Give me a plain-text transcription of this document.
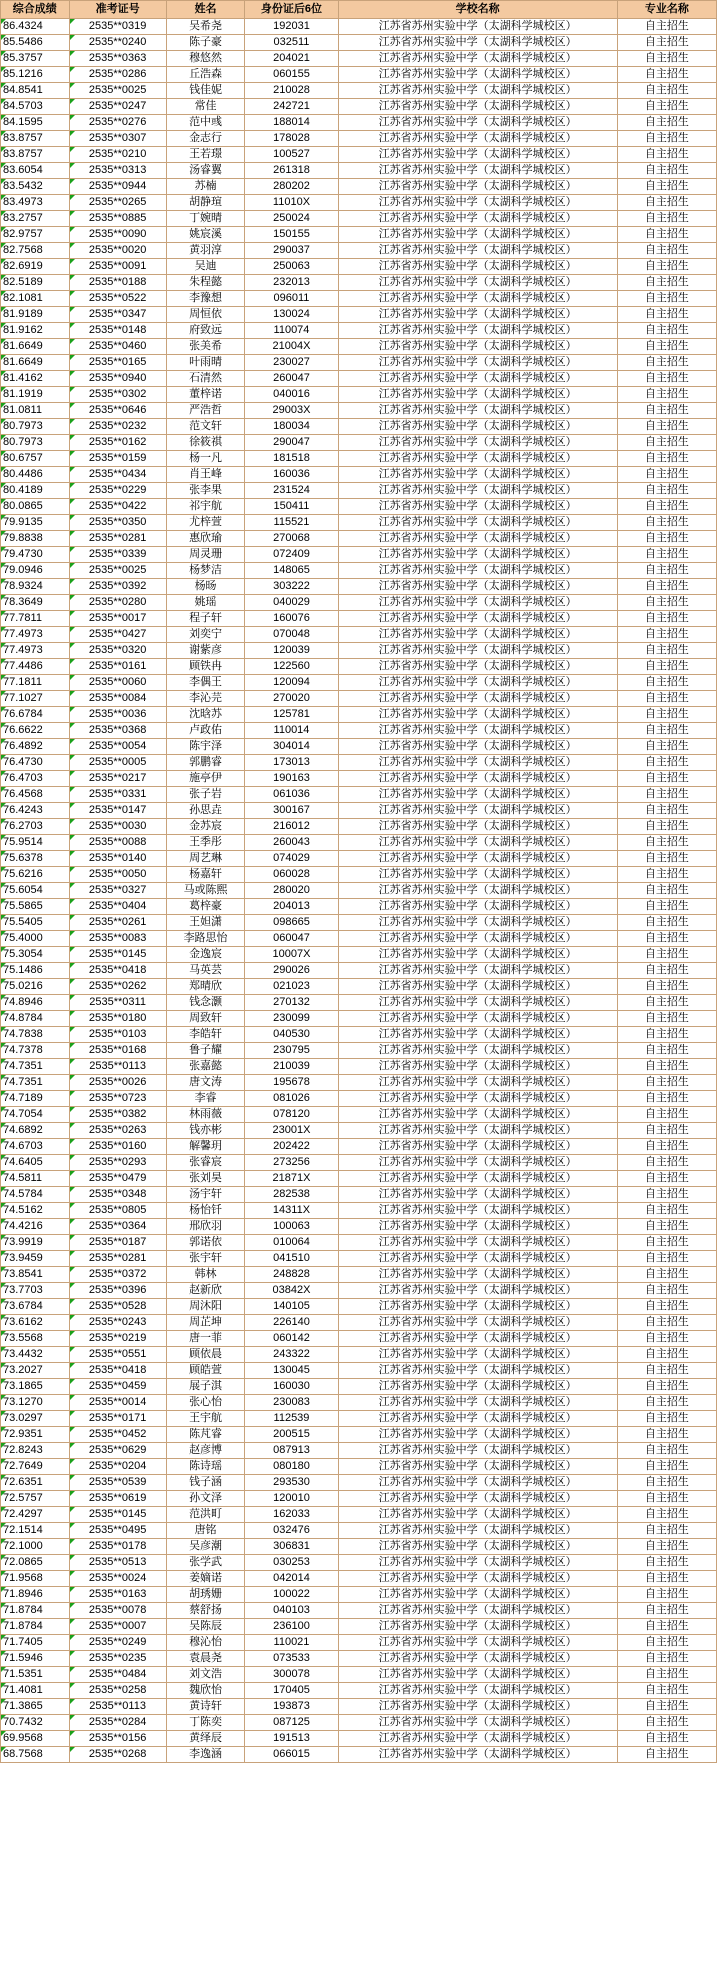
综合成绩	准考证号	姓名	身份证后6位	学校名称	专业名称
86.4324	2535**0319	吴希尧	192031	江苏省苏州实验中学（太湖科学城校区）	自主招生
85.5486	2535**0240	陈子豪	032511	江苏省苏州实验中学（太湖科学城校区）	自主招生
85.3757	2535**0363	穆悠然	204021	江苏省苏州实验中学（太湖科学城校区）	自主招生
85.1216	2535**0286	丘浩森	060155	江苏省苏州实验中学（太湖科学城校区）	自主招生
84.8541	2535**0025	钱佳妮	210028	江苏省苏州实验中学（太湖科学城校区）	自主招生
84.5703	2535**0247	常佳	242721	江苏省苏州实验中学（太湖科学城校区）	自主招生
84.1595	2535**0276	范中彧	188014	江苏省苏州实验中学（太湖科学城校区）	自主招生
83.8757	2535**0307	金志行	178028	江苏省苏州实验中学（太湖科学城校区）	自主招生
83.8757	2535**0210	王若璟	100527	江苏省苏州实验中学（太湖科学城校区）	自主招生
83.6054	2535**0313	汤睿翼	261318	江苏省苏州实验中学（太湖科学城校区）	自主招生
83.5432	2535**0944	苏楠	280202	江苏省苏州实验中学（太湖科学城校区）	自主招生
83.4973	2535**0265	胡静瑄	11010X	江苏省苏州实验中学（太湖科学城校区）	自主招生
83.2757	2535**0885	丁婉晴	250024	江苏省苏州实验中学（太湖科学城校区）	自主招生
82.9757	2535**0090	姚宸溪	150155	江苏省苏州实验中学（太湖科学城校区）	自主招生
82.7568	2535**0020	黄羽淳	290037	江苏省苏州实验中学（太湖科学城校区）	自主招生
82.6919	2535**0091	吴迪	250063	江苏省苏州实验中学（太湖科学城校区）	自主招生
82.5189	2535**0188	朱程懿	232013	江苏省苏州实验中学（太湖科学城校区）	自主招生
82.1081	2535**0522	李豫想	096011	江苏省苏州实验中学（太湖科学城校区）	自主招生
81.9189	2535**0347	周恒依	130024	江苏省苏州实验中学（太湖科学城校区）	自主招生
81.9162	2535**0148	府致远	110074	江苏省苏州实验中学（太湖科学城校区）	自主招生
81.6649	2535**0460	张美希	21004X	江苏省苏州实验中学（太湖科学城校区）	自主招生
81.6649	2535**0165	叶雨晴	230027	江苏省苏州实验中学（太湖科学城校区）	自主招生
81.4162	2535**0940	石清然	260047	江苏省苏州实验中学（太湖科学城校区）	自主招生
81.1919	2535**0302	董梓诺	040016	江苏省苏州实验中学（太湖科学城校区）	自主招生
81.0811	2535**0646	严浩哲	29003X	江苏省苏州实验中学（太湖科学城校区）	自主招生
80.7973	2535**0232	范文轩	180034	江苏省苏州实验中学（太湖科学城校区）	自主招生
80.7973	2535**0162	徐筱祺	290047	江苏省苏州实验中学（太湖科学城校区）	自主招生
80.6757	2535**0159	杨一凡	181518	江苏省苏州实验中学（太湖科学城校区）	自主招生
80.4486	2535**0434	肖王峰	160036	江苏省苏州实验中学（太湖科学城校区）	自主招生
80.4189	2535**0229	张李果	231524	江苏省苏州实验中学（太湖科学城校区）	自主招生
80.0865	2535**0422	祁宇航	150411	江苏省苏州实验中学（太湖科学城校区）	自主招生
79.9135	2535**0350	尤梓萱	115521	江苏省苏州实验中学（太湖科学城校区）	自主招生
79.8838	2535**0281	惠欣瑜	270068	江苏省苏州实验中学（太湖科学城校区）	自主招生
79.4730	2535**0339	周灵珊	072409	江苏省苏州实验中学（太湖科学城校区）	自主招生
79.0946	2535**0025	杨梦洁	148065	江苏省苏州实验中学（太湖科学城校区）	自主招生
78.9324	2535**0392	杨旸	303222	江苏省苏州实验中学（太湖科学城校区）	自主招生
78.3649	2535**0280	姚瑶	040029	江苏省苏州实验中学（太湖科学城校区）	自主招生
77.7811	2535**0017	程子轩	160076	江苏省苏州实验中学（太湖科学城校区）	自主招生
77.4973	2535**0427	刘奕宁	070048	江苏省苏州实验中学（太湖科学城校区）	自主招生
77.4973	2535**0320	谢紫彦	120039	江苏省苏州实验中学（太湖科学城校区）	自主招生
77.4486	2535**0161	顾铁冉	122560	江苏省苏州实验中学（太湖科学城校区）	自主招生
77.1811	2535**0060	李偶王	120094	江苏省苏州实验中学（太湖科学城校区）	自主招生
77.1027	2535**0084	李沁芫	270020	江苏省苏州实验中学（太湖科学城校区）	自主招生
76.6784	2535**0036	沈晗苏	125781	江苏省苏州实验中学（太湖科学城校区）	自主招生
76.6622	2535**0368	卢政佑	110014	江苏省苏州实验中学（太湖科学城校区）	自主招生
76.4892	2535**0054	陈宇泽	304014	江苏省苏州实验中学（太湖科学城校区）	自主招生
76.4730	2535**0005	郭鹏睿	173013	江苏省苏州实验中学（太湖科学城校区）	自主招生
76.4703	2535**0217	施亭伊	190163	江苏省苏州实验中学（太湖科学城校区）	自主招生
76.4568	2535**0331	张子岩	061036	江苏省苏州实验中学（太湖科学城校区）	自主招生
76.4243	2535**0147	孙思垚	300167	江苏省苏州实验中学（太湖科学城校区）	自主招生
76.2703	2535**0030	金苏宸	216012	江苏省苏州实验中学（太湖科学城校区）	自主招生
75.9514	2535**0088	王季彤	260043	江苏省苏州实验中学（太湖科学城校区）	自主招生
75.6378	2535**0140	周艺琳	074029	江苏省苏州实验中学（太湖科学城校区）	自主招生
75.6216	2535**0050	杨嘉轩	060028	江苏省苏州实验中学（太湖科学城校区）	自主招生
75.6054	2535**0327	马或陈熙	280020	江苏省苏州实验中学（太湖科学城校区）	自主招生
75.5865	2535**0404	葛梓豪	204013	江苏省苏州实验中学（太湖科学城校区）	自主招生
75.5405	2535**0261	王妲潇	098665	江苏省苏州实验中学（太湖科学城校区）	自主招生
75.4000	2535**0083	李路思怡	060047	江苏省苏州实验中学（太湖科学城校区）	自主招生
75.3054	2535**0145	金逸宸	10007X	江苏省苏州实验中学（太湖科学城校区）	自主招生
75.1486	2535**0418	马英芸	290026	江苏省苏州实验中学（太湖科学城校区）	自主招生
75.0216	2535**0262	郑晴欣	021023	江苏省苏州实验中学（太湖科学城校区）	自主招生
74.8946	2535**0311	钱念灏	270132	江苏省苏州实验中学（太湖科学城校区）	自主招生
74.8784	2535**0180	周致轩	230099	江苏省苏州实验中学（太湖科学城校区）	自主招生
74.7838	2535**0103	李皓轩	040530	江苏省苏州实验中学（太湖科学城校区）	自主招生
74.7378	2535**0168	鲁子耀	230795	江苏省苏州实验中学（太湖科学城校区）	自主招生
74.7351	2535**0113	张嘉懿	210039	江苏省苏州实验中学（太湖科学城校区）	自主招生
74.7351	2535**0026	唐文涛	195678	江苏省苏州实验中学（太湖科学城校区）	自主招生
74.7189	2535**0723	李睿	081026	江苏省苏州实验中学（太湖科学城校区）	自主招生
74.7054	2535**0382	林雨薇	078120	江苏省苏州实验中学（太湖科学城校区）	自主招生
74.6892	2535**0263	钱亦彬	23001X	江苏省苏州实验中学（太湖科学城校区）	自主招生
74.6703	2535**0160	解馨玥	202422	江苏省苏州实验中学（太湖科学城校区）	自主招生
74.6405	2535**0293	张睿宸	273256	江苏省苏州实验中学（太湖科学城校区）	自主招生
74.5811	2535**0479	张刘昊	21871X	江苏省苏州实验中学（太湖科学城校区）	自主招生
74.5784	2535**0348	汤宇轩	282538	江苏省苏州实验中学（太湖科学城校区）	自主招生
74.5162	2535**0805	杨怡钎	14311X	江苏省苏州实验中学（太湖科学城校区）	自主招生
74.4216	2535**0364	邢欣羽	100063	江苏省苏州实验中学（太湖科学城校区）	自主招生
73.9919	2535**0187	郭诺依	010064	江苏省苏州实验中学（太湖科学城校区）	自主招生
73.9459	2535**0281	张宇轩	041510	江苏省苏州实验中学（太湖科学城校区）	自主招生
73.8541	2535**0372	韩林	248828	江苏省苏州实验中学（太湖科学城校区）	自主招生
73.7703	2535**0396	赵新欣	03842X	江苏省苏州实验中学（太湖科学城校区）	自主招生
73.6784	2535**0528	周沐阳	140105	江苏省苏州实验中学（太湖科学城校区）	自主招生
73.6162	2535**0243	周芷坤	226140	江苏省苏州实验中学（太湖科学城校区）	自主招生
73.5568	2535**0219	唐一菲	060142	江苏省苏州实验中学（太湖科学城校区）	自主招生
73.4432	2535**0551	顾依晨	243322	江苏省苏州实验中学（太湖科学城校区）	自主招生
73.2027	2535**0418	顾皓萱	130045	江苏省苏州实验中学（太湖科学城校区）	自主招生
73.1865	2535**0459	展子淇	160030	江苏省苏州实验中学（太湖科学城校区）	自主招生
73.1270	2535**0014	张心怡	230083	江苏省苏州实验中学（太湖科学城校区）	自主招生
73.0297	2535**0171	王宇航	112539	江苏省苏州实验中学（太湖科学城校区）	自主招生
72.9351	2535**0452	陈芃睿	200515	江苏省苏州实验中学（太湖科学城校区）	自主招生
72.8243	2535**0629	赵彦博	087913	江苏省苏州实验中学（太湖科学城校区）	自主招生
72.7649	2535**0204	陈诗瑶	080180	江苏省苏州实验中学（太湖科学城校区）	自主招生
72.6351	2535**0539	钱子涵	293530	江苏省苏州实验中学（太湖科学城校区）	自主招生
72.5757	2535**0619	孙文泽	120010	江苏省苏州实验中学（太湖科学城校区）	自主招生
72.4297	2535**0145	范洪町	162033	江苏省苏州实验中学（太湖科学城校区）	自主招生
72.1514	2535**0495	唐铭	032476	江苏省苏州实验中学（太湖科学城校区）	自主招生
72.1000	2535**0178	吴彦潮	306831	江苏省苏州实验中学（太湖科学城校区）	自主招生
72.0865	2535**0513	张学武	030253	江苏省苏州实验中学（太湖科学城校区）	自主招生
71.9568	2535**0024	姜嫡诺	042014	江苏省苏州实验中学（太湖科学城校区）	自主招生
71.8946	2535**0163	胡琇姗	100022	江苏省苏州实验中学（太湖科学城校区）	自主招生
71.8784	2535**0078	蔡舒扬	040103	江苏省苏州实验中学（太湖科学城校区）	自主招生
71.8784	2535**0007	吴陈辰	236100	江苏省苏州实验中学（太湖科学城校区）	自主招生
71.7405	2535**0249	穆沁怡	110021	江苏省苏州实验中学（太湖科学城校区）	自主招生
71.5946	2535**0235	袁晨尧	073533	江苏省苏州实验中学（太湖科学城校区）	自主招生
71.5351	2535**0484	刘文浩	300078	江苏省苏州实验中学（太湖科学城校区）	自主招生
71.4081	2535**0258	魏欣怡	170405	江苏省苏州实验中学（太湖科学城校区）	自主招生
71.3865	2535**0113	黄诗轩	193873	江苏省苏州实验中学（太湖科学城校区）	自主招生
70.7432	2535**0284	丁陈奕	087125	江苏省苏州实验中学（太湖科学城校区）	自主招生
69.9568	2535**0156	黄绎辰	191513	江苏省苏州实验中学（太湖科学城校区）	自主招生
68.7568	2535**0268	李逸涵	066015	江苏省苏州实验中学（太湖科学城校区）	自主招生
